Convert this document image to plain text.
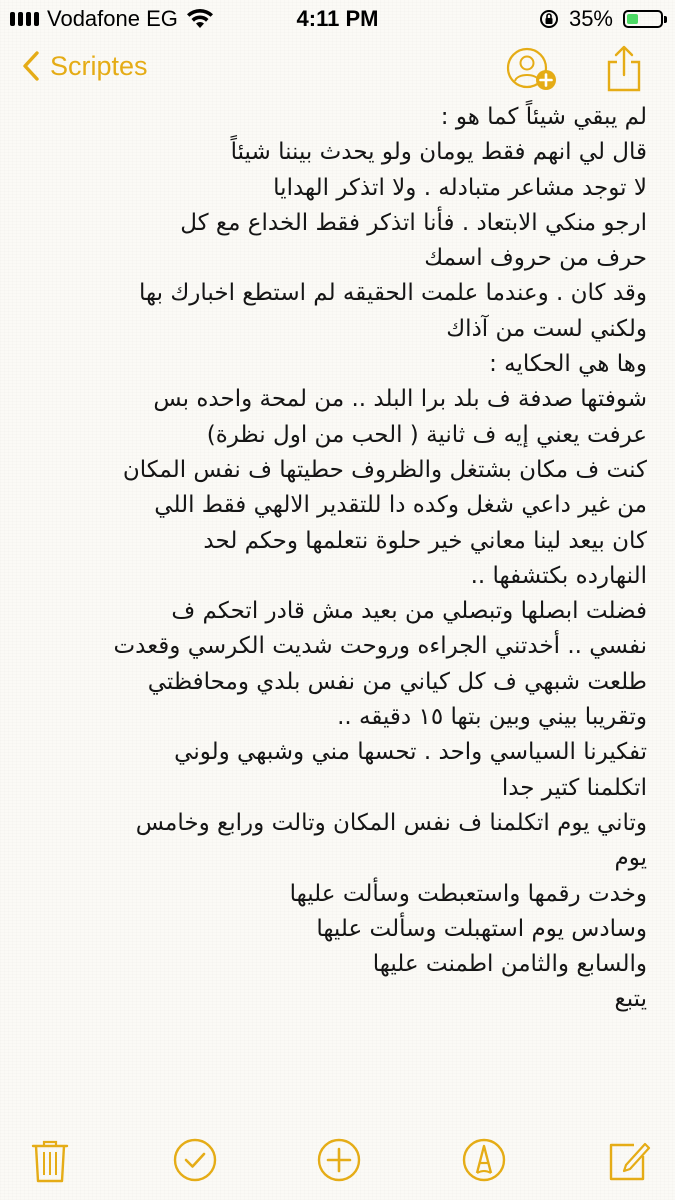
Vodafone EG	4:11 PM	35%
Scriptes
لم يبقي شيئاً كما هو :
قال لي انهم فقط يومان ولو يحدث بيننا شيئاً
لا توجد مشاعر متبادله . ولا اتذكر الهدايا
ارجو منكي الابتعاد . فأنا اتذكر فقط الخداع مع كل
حرف من حروف اسمك
وقد كان . وعندما علمت الحقيقه لم استطع اخبارك بها
ولكني لست من آذاك
وها هي الحكايه :
شوفتها صدفة ف بلد برا البلد .. من لمحة واحده بس
عرفت يعني إيه ف ثانية ( الحب من اول نظرة)
كنت ف مكان بشتغل والظروف حطيتها ف نفس المكان
من غير داعي شغل وكده دا للتقدير الالهي فقط اللي
كان بيعد لينا معاني خير حلوة نتعلمها وحكم لحد
النهارده بكتشفها ..
فضلت ابصلها وتبصلي من بعيد مش قادر اتحكم ف
نفسي .. أخدتني الجراءه وروحت شديت الكرسي وقعدت
طلعت شبهي ف كل كياني من نفس بلدي ومحافظتي
وتقريبا بيني وبين بتها ١٥ دقيقه ..
تفكيرنا السياسي واحد . تحسها مني وشبهي ولوني
اتكلمنا كتير جدا
وتاني يوم اتكلمنا ف نفس المكان وتالت ورابع وخامس
يوم
وخدت رقمها واستعبطت وسألت عليها
وسادس يوم استهبلت وسألت عليها
والسابع والثامن اطمنت عليها
يتبع
